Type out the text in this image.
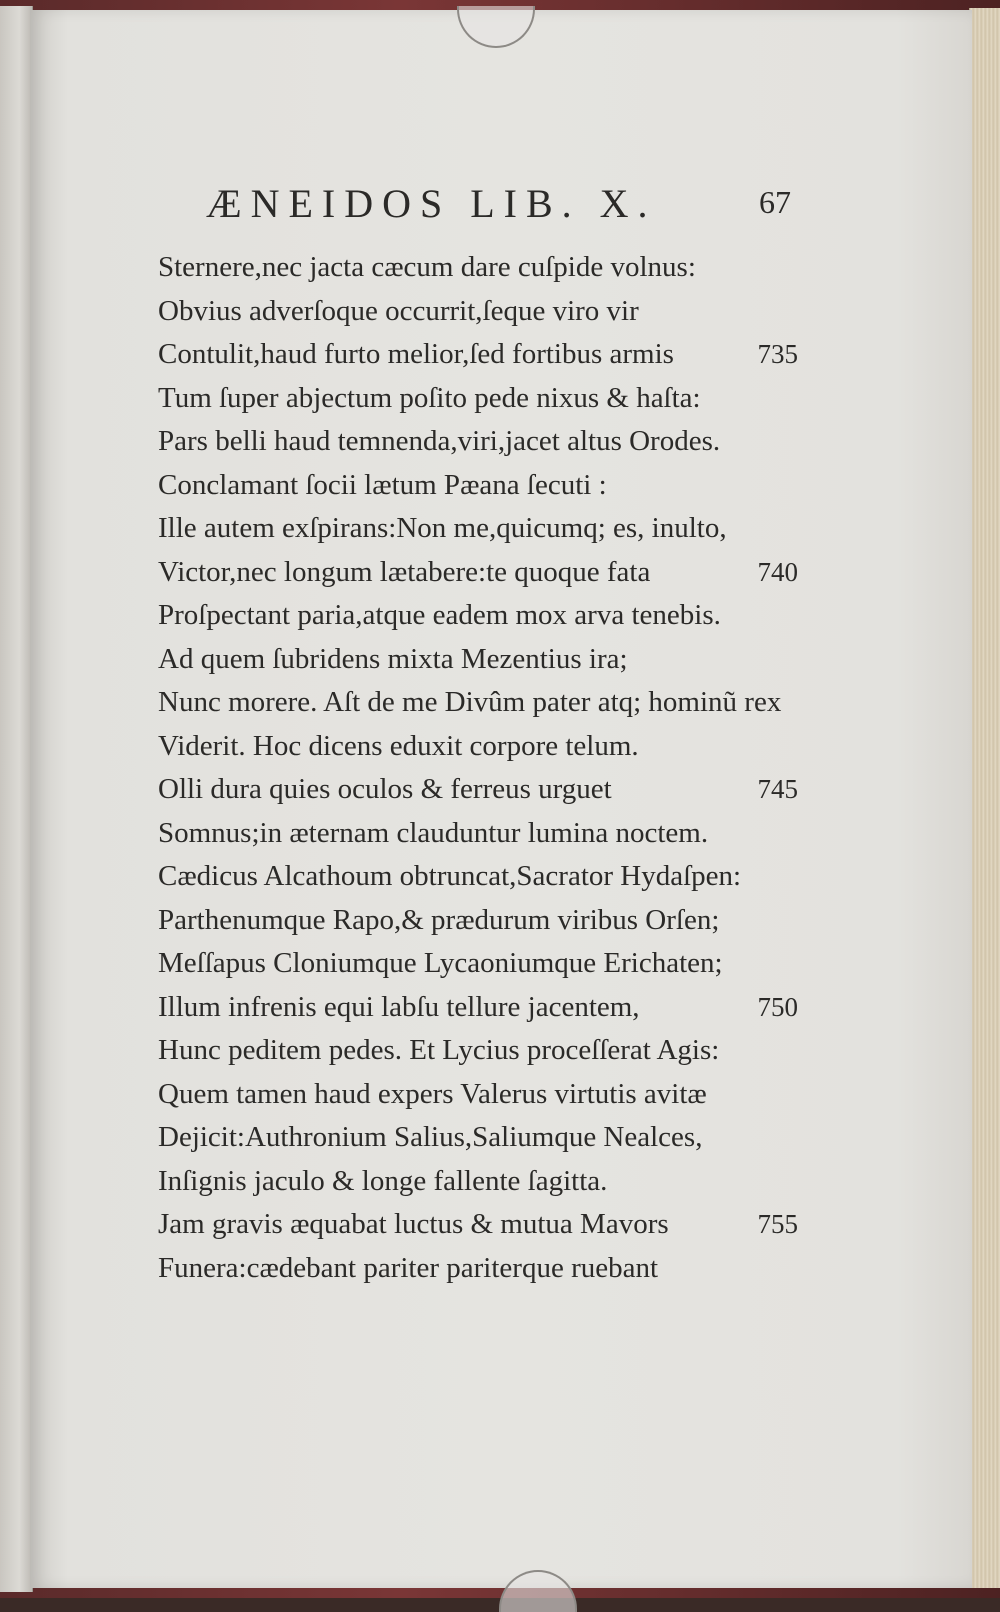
ÆNEIDOS LIB. X.	67
Sternere,nec jacta cæcum dare cuſpide volnus:
Obvius adverſoque occurrit,ſeque viro vir
Contulit,haud furto melior,ſed fortibus armis	735
Tum ſuper abjectum poſito pede nixus & haſta:
Pars belli haud temnenda,viri,jacet altus Orodes.
Conclamant ſocii lætum Pæana ſecuti :
Ille autem exſpirans:Non me,quicumq; es, inulto,
Victor,nec longum lætabere:te quoque fata	740
Proſpectant paria,atque eadem mox arva tenebis.
Ad quem ſubridens mixta Mezentius ira;
Nunc morere. Aſt de me Divûm pater atq; hominũ rex
Viderit. Hoc dicens eduxit corpore telum.
Olli dura quies oculos & ferreus urguet	745
Somnus;in æternam clauduntur lumina noctem.
Cædicus Alcathoum obtruncat,Sacrator Hydaſpen:
Parthenumque Rapo,& prædurum viribus Orſen;
Meſſapus Cloniumque Lycaoniumque Erichaten;
Illum infrenis equi labſu tellure jacentem,	750
Hunc peditem pedes. Et Lycius proceſſerat Agis:
Quem tamen haud expers Valerus virtutis avitæ
Dejicit:Authronium Salius,Saliumque Nealces,
Inſignis jaculo & longe fallente ſagitta.
Jam gravis æquabat luctus & mutua Mavors	755
Funera:cædebant pariter pariterque ruebant
